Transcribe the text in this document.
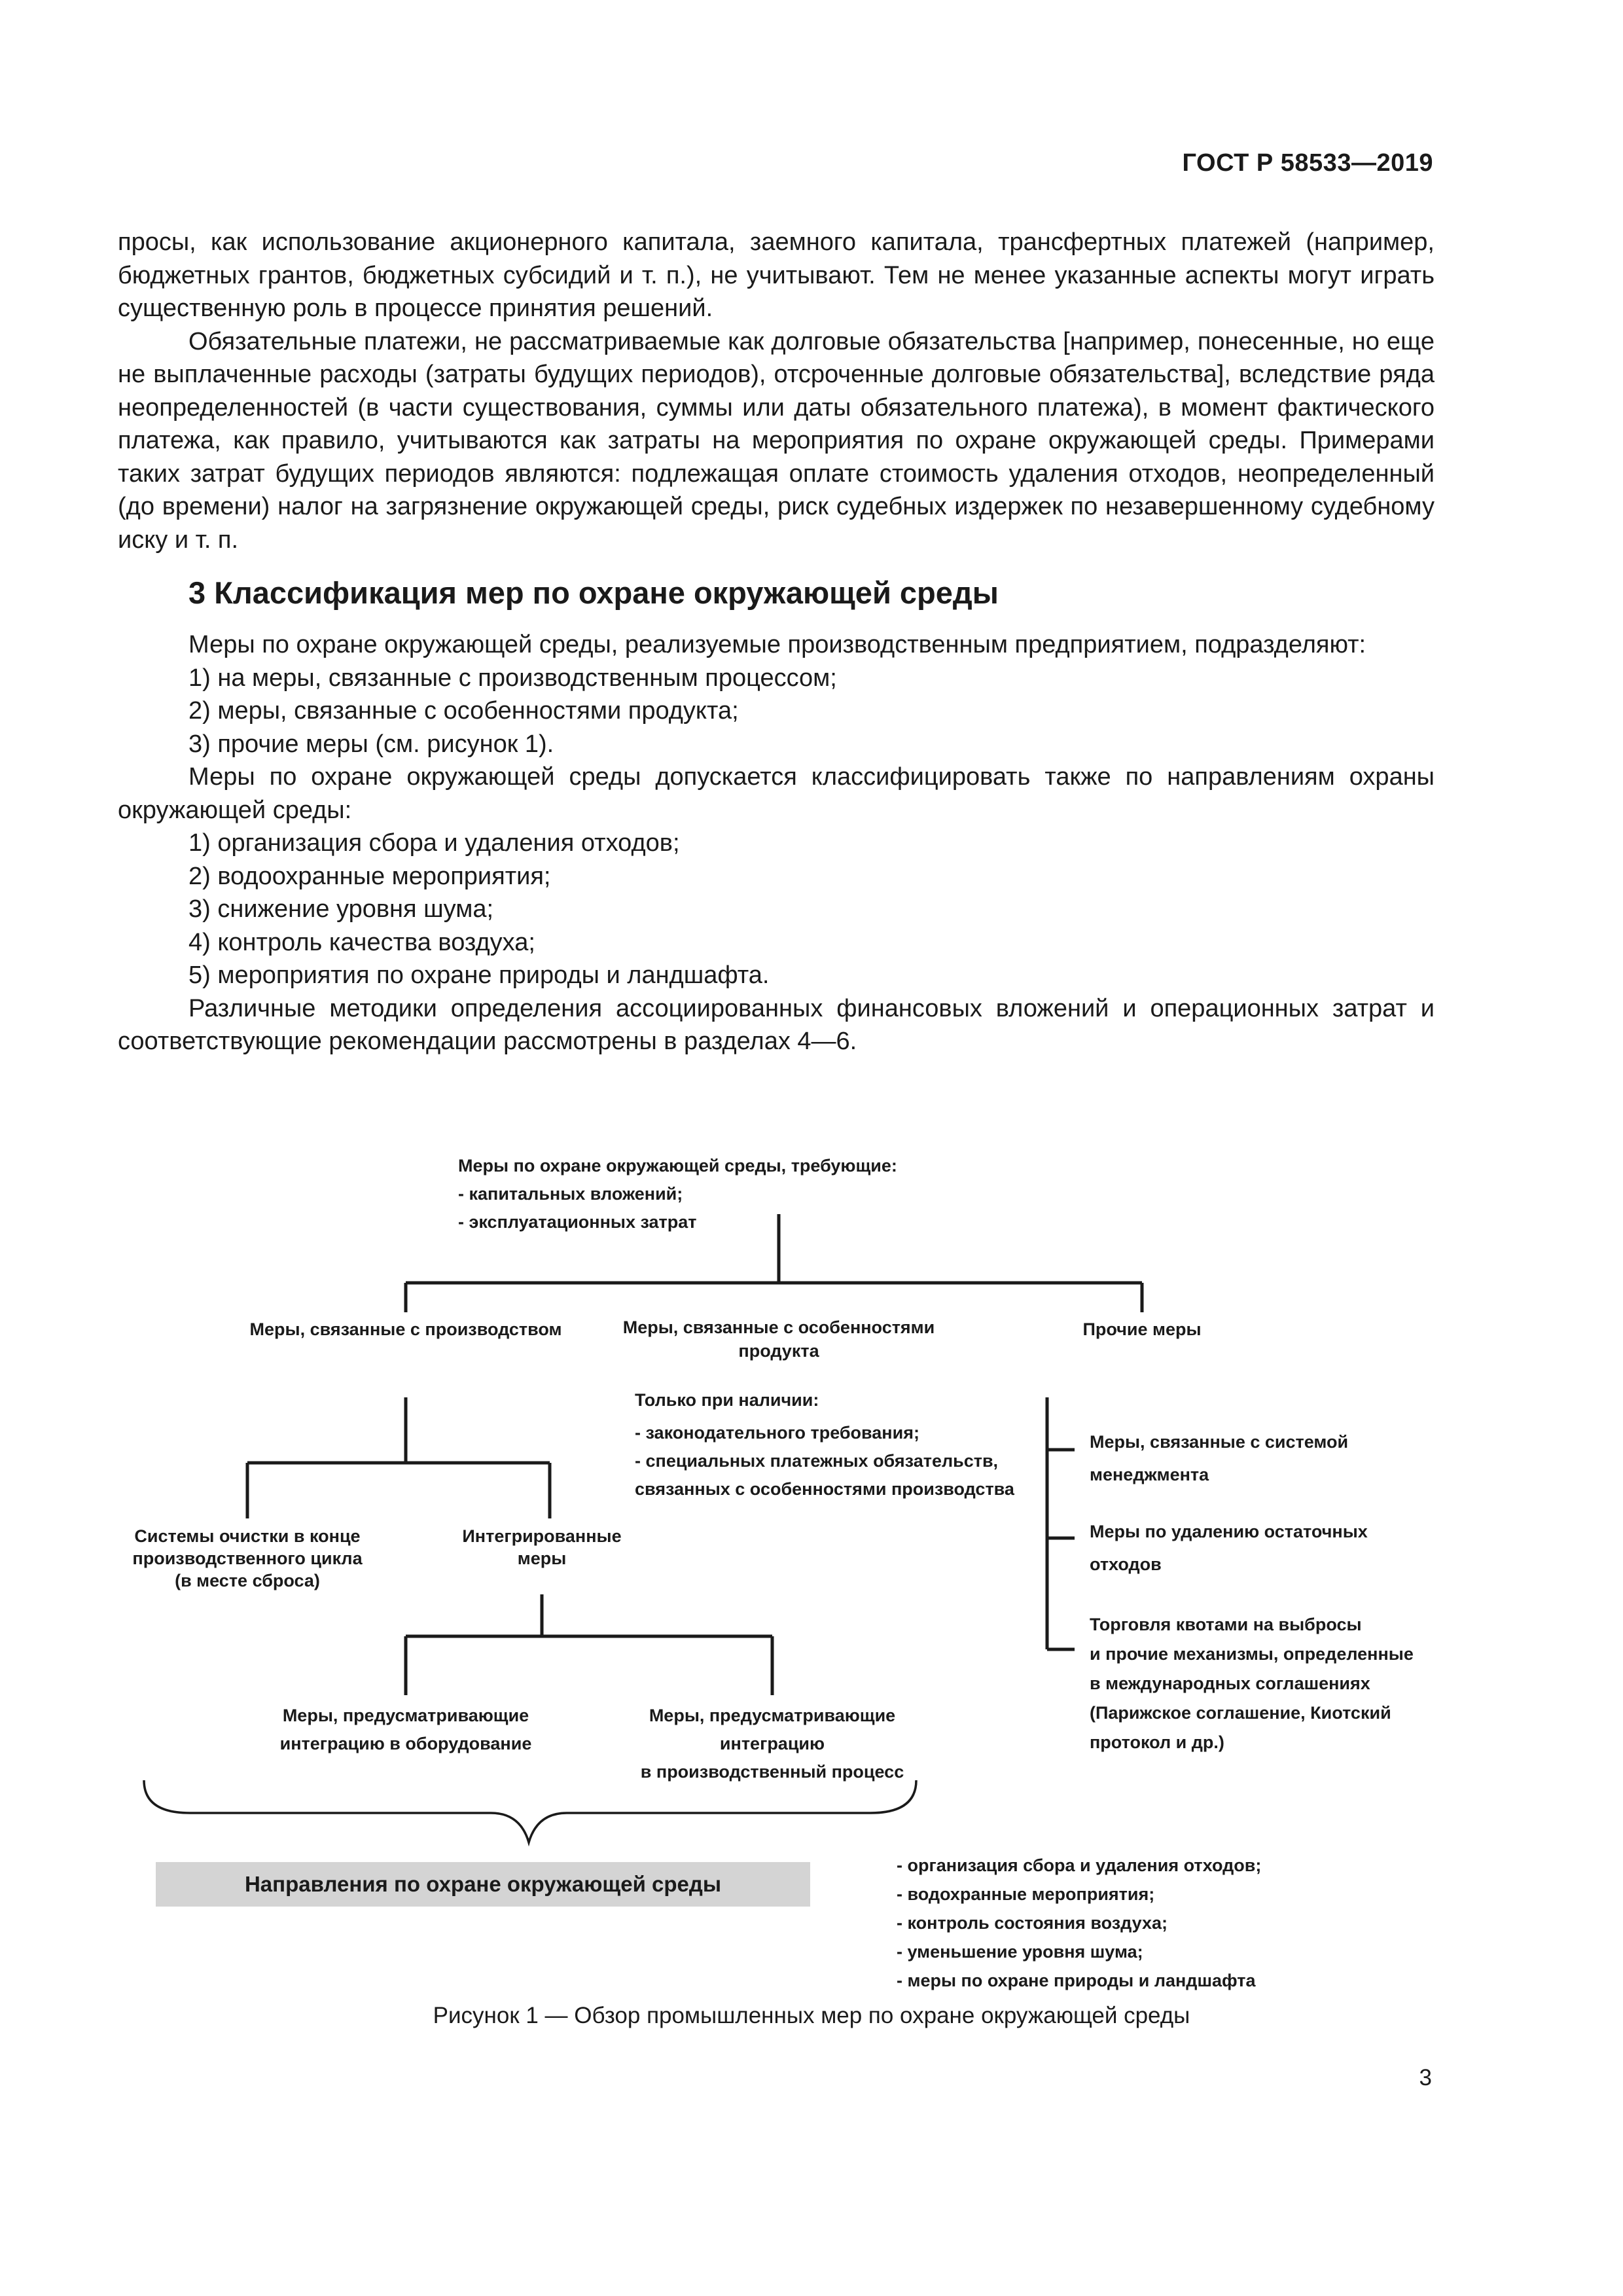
ГОСТ Р 58533—2019

просы, как использование акционерного капитала, заемного капитала, трансфертных платежей (например, бюджетных грантов, бюджетных субсидий и т. п.), не учитывают. Тем не менее указанные аспекты могут играть существенную роль в процессе принятия решений.

Обязательные платежи, не рассматриваемые как долговые обязательства [например, понесенные, но еще не выплаченные расходы (затраты будущих периодов), отсроченные долговые обязательства], вследствие ряда неопределенностей (в части существования, суммы или даты обязательного платежа), в момент фактического платежа, как правило, учитываются как затраты на мероприятия по охране окружающей среды. Примерами таких затрат будущих периодов являются: подлежащая оплате стоимость удаления отходов, неопределенный (до времени) налог на загрязнение окружающей среды, риск судебных издержек по незавершенному судебному иску и т. п.

3 Классификация мер по охране окружающей среды

Меры по охране окружающей среды, реализуемые производственным предприятием, подразделяют:

1) на меры, связанные с производственным процессом;

2) меры, связанные с особенностями продукта;

3) прочие меры (см. рисунок 1).

Меры по охране окружающей среды допускается классифицировать также по направлениям охраны окружающей среды:

1) организация сбора и удаления отходов;

2) водоохранные мероприятия;

3) снижение уровня шума;

4) контроль качества воздуха;

5) мероприятия по охране природы и ландшафта.

Различные методики определения ассоциированных финансовых вложений и операционных затрат и соответствующие рекомендации рассмотрены в разделах 4—6.

Меры по охране окружающей среды, требующие:
- капитальных вложений;
- эксплуатационных затрат
Меры, связанные с производством	Меры, связанные с особенностями
продукта
Прочие меры
Только при наличии:
- законодательного требования;
- специальных платежных обязательств,
связанных с особенностями производства
Системы очистки в конце
производственного цикла
(в месте сброса)
Интегрированные
меры
Меры, предусматривающие
интеграцию в оборудование
Меры, предусматривающие
интеграцию
в производственный процесс
Меры, связанные с системой
менеджмента
Меры по удалению остаточных
отходов
Торговля квотами на выбросы
и прочие механизмы, определенные
в международных соглашениях
(Парижское соглашение, Киотский
протокол и др.)
Направления по охране окружающей среды
- организация сбора и удаления отходов;
- водохранные мероприятия;
- контроль состояния воздуха;
- уменьшение уровня шума;
- меры по охране природы и ландшафта
Рисунок 1 — Обзор промышленных мер по охране окружающей среды
3
